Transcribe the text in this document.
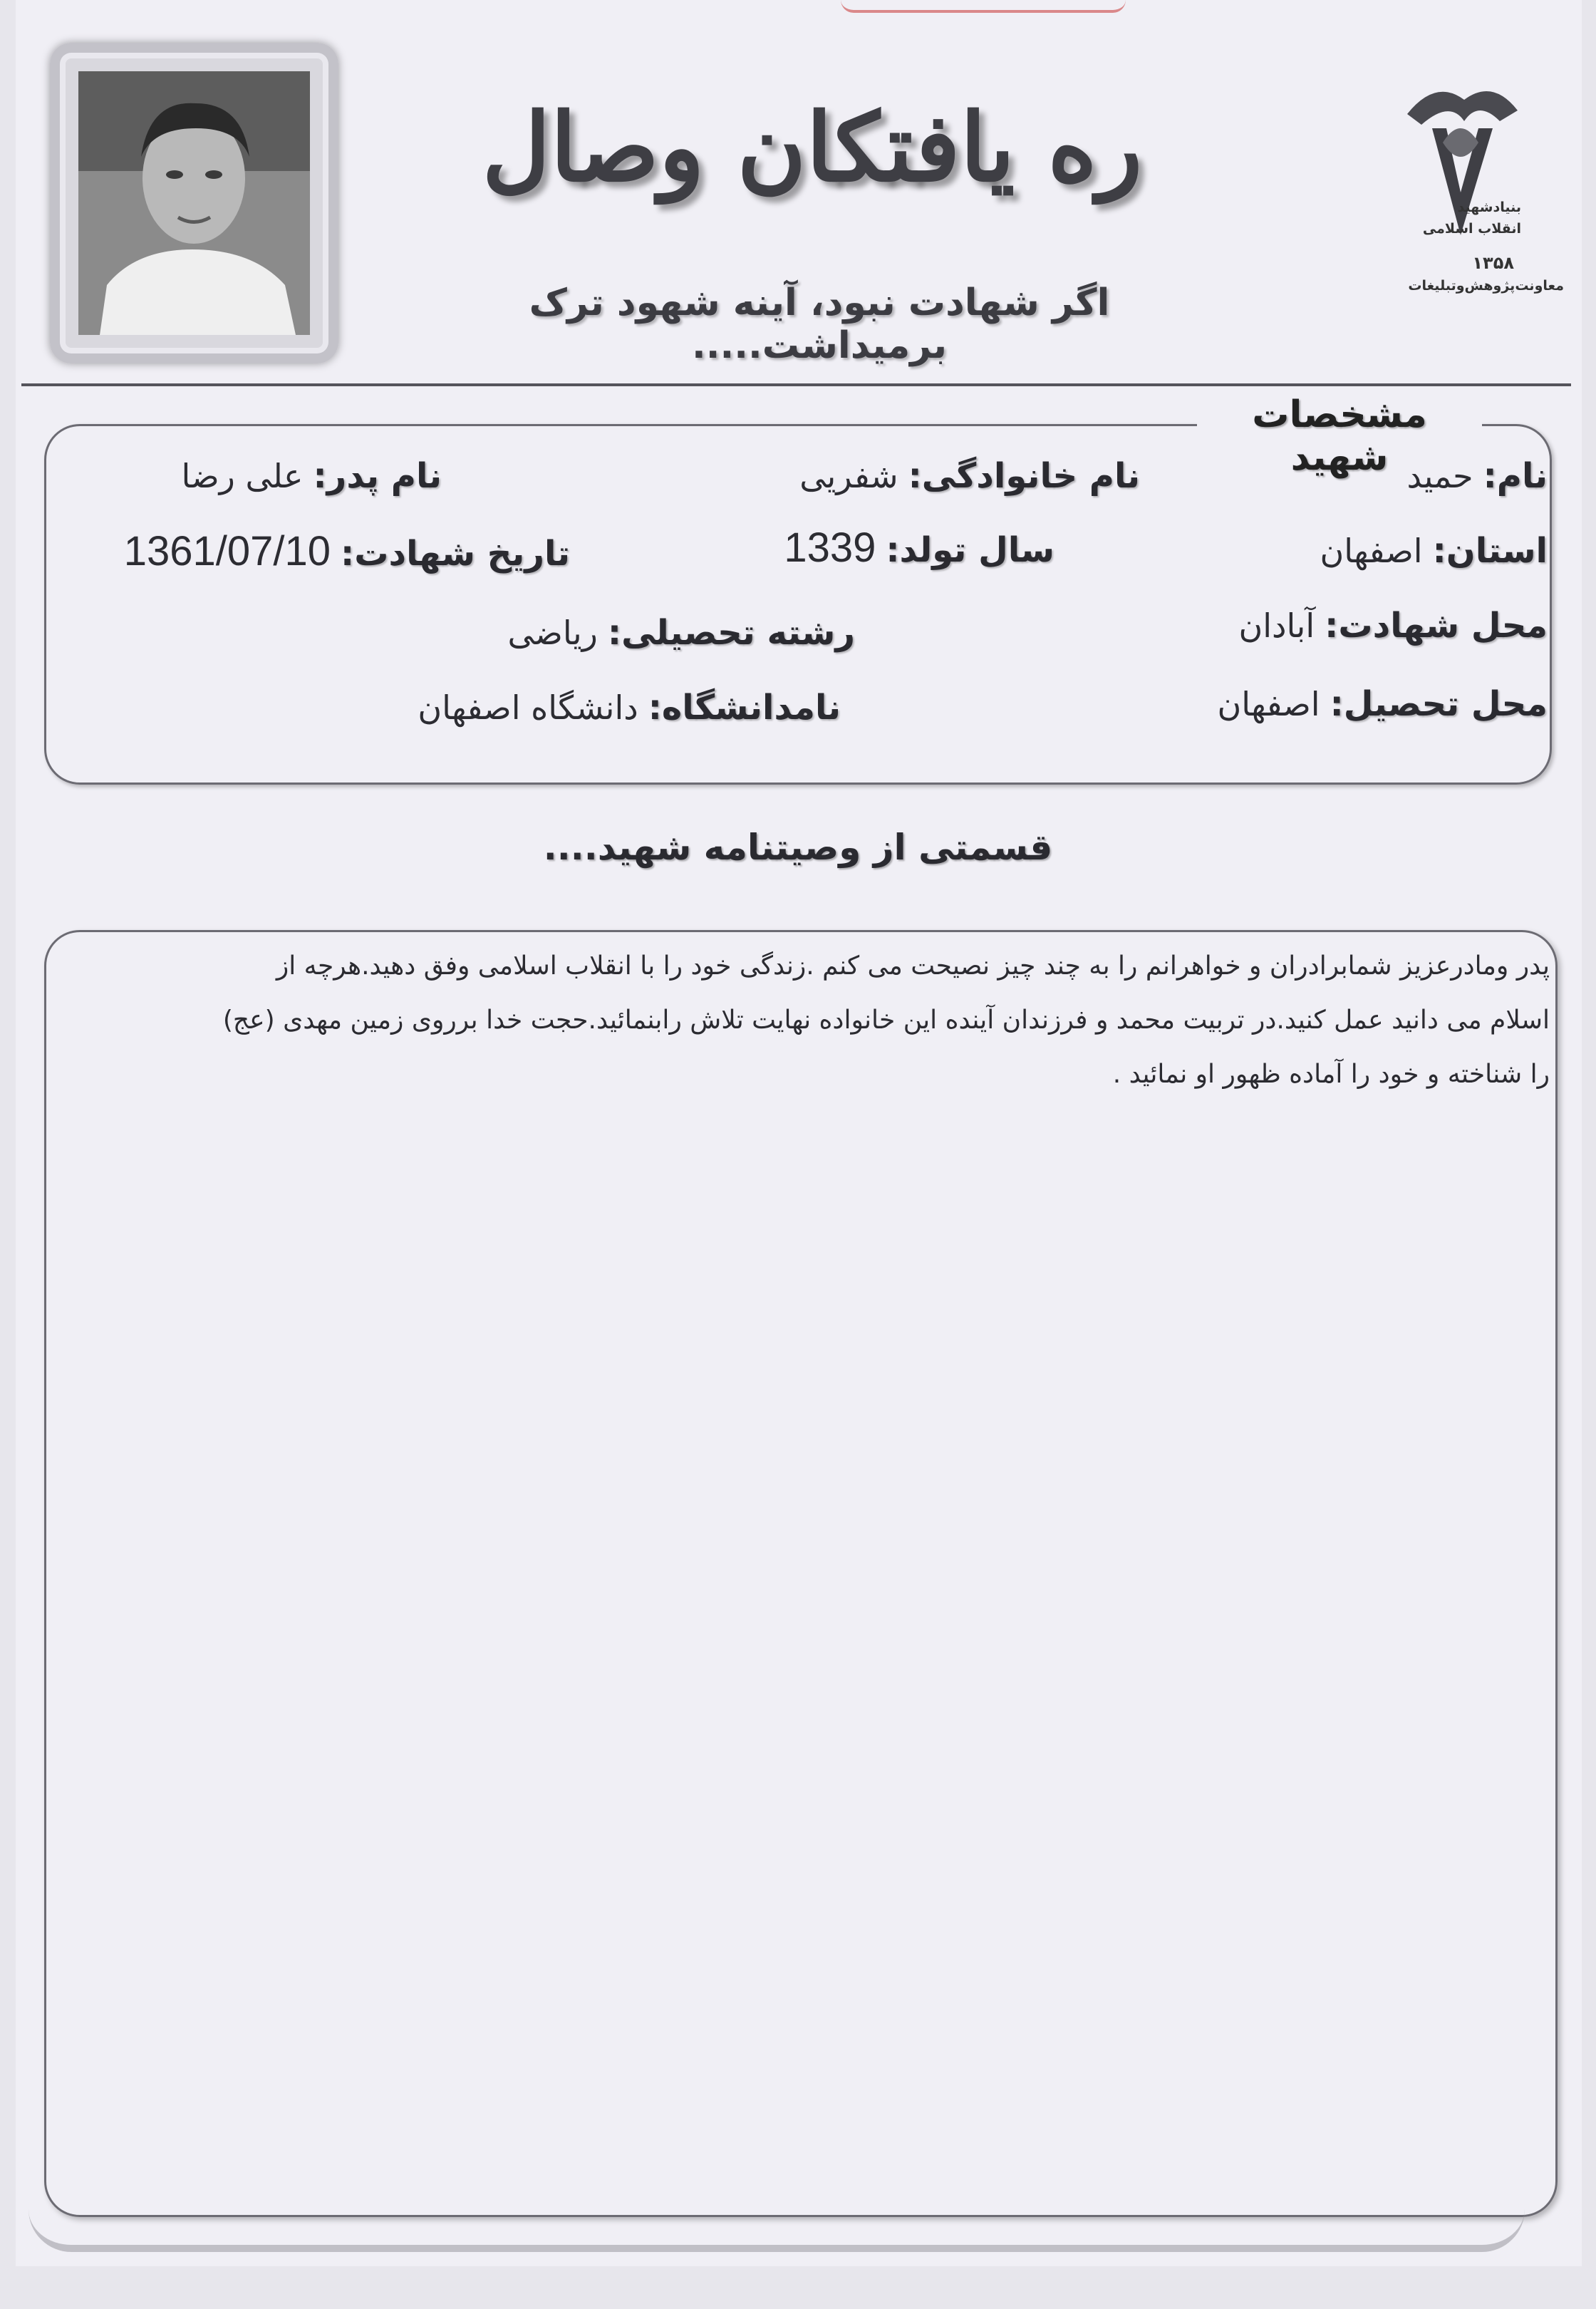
بنیادشهید
انقلاب اسلامی
۱۳۵۸
معاونت‌پژوهش‌وتبلیغات
ره یافتکان وصال
اگر شهادت نبود، آینه شهود ترک برمیداشت.....
مشخصات شهید	نام:حمید
نام خانوادگی:شفریی
نام پدر:علی رضا
استان:اصفهان
سال تولد:1339
تاریخ شهادت:1361/07/10
محل شهادت:آبادان
رشته تحصیلی:ریاضی
محل تحصیل:اصفهان
نامدانشگاه:دانشگاه اصفهان
قسمتی از وصیتنامه شهید....
پدر ومادرعزیز شمابرادران و خواهرانم را به چند چیز نصیحت می کنم .زندگی خود را با انقلاب اسلامی وفق دهید.هرچه از
اسلام می دانید عمل کنید.در تربیت محمد و فرزندان آینده این خانواده نهایت تلاش رابنمائید.حجت خدا برروی زمین مهدی (عج)
را شناخته و خود را آماده ظهور او نمائید .
